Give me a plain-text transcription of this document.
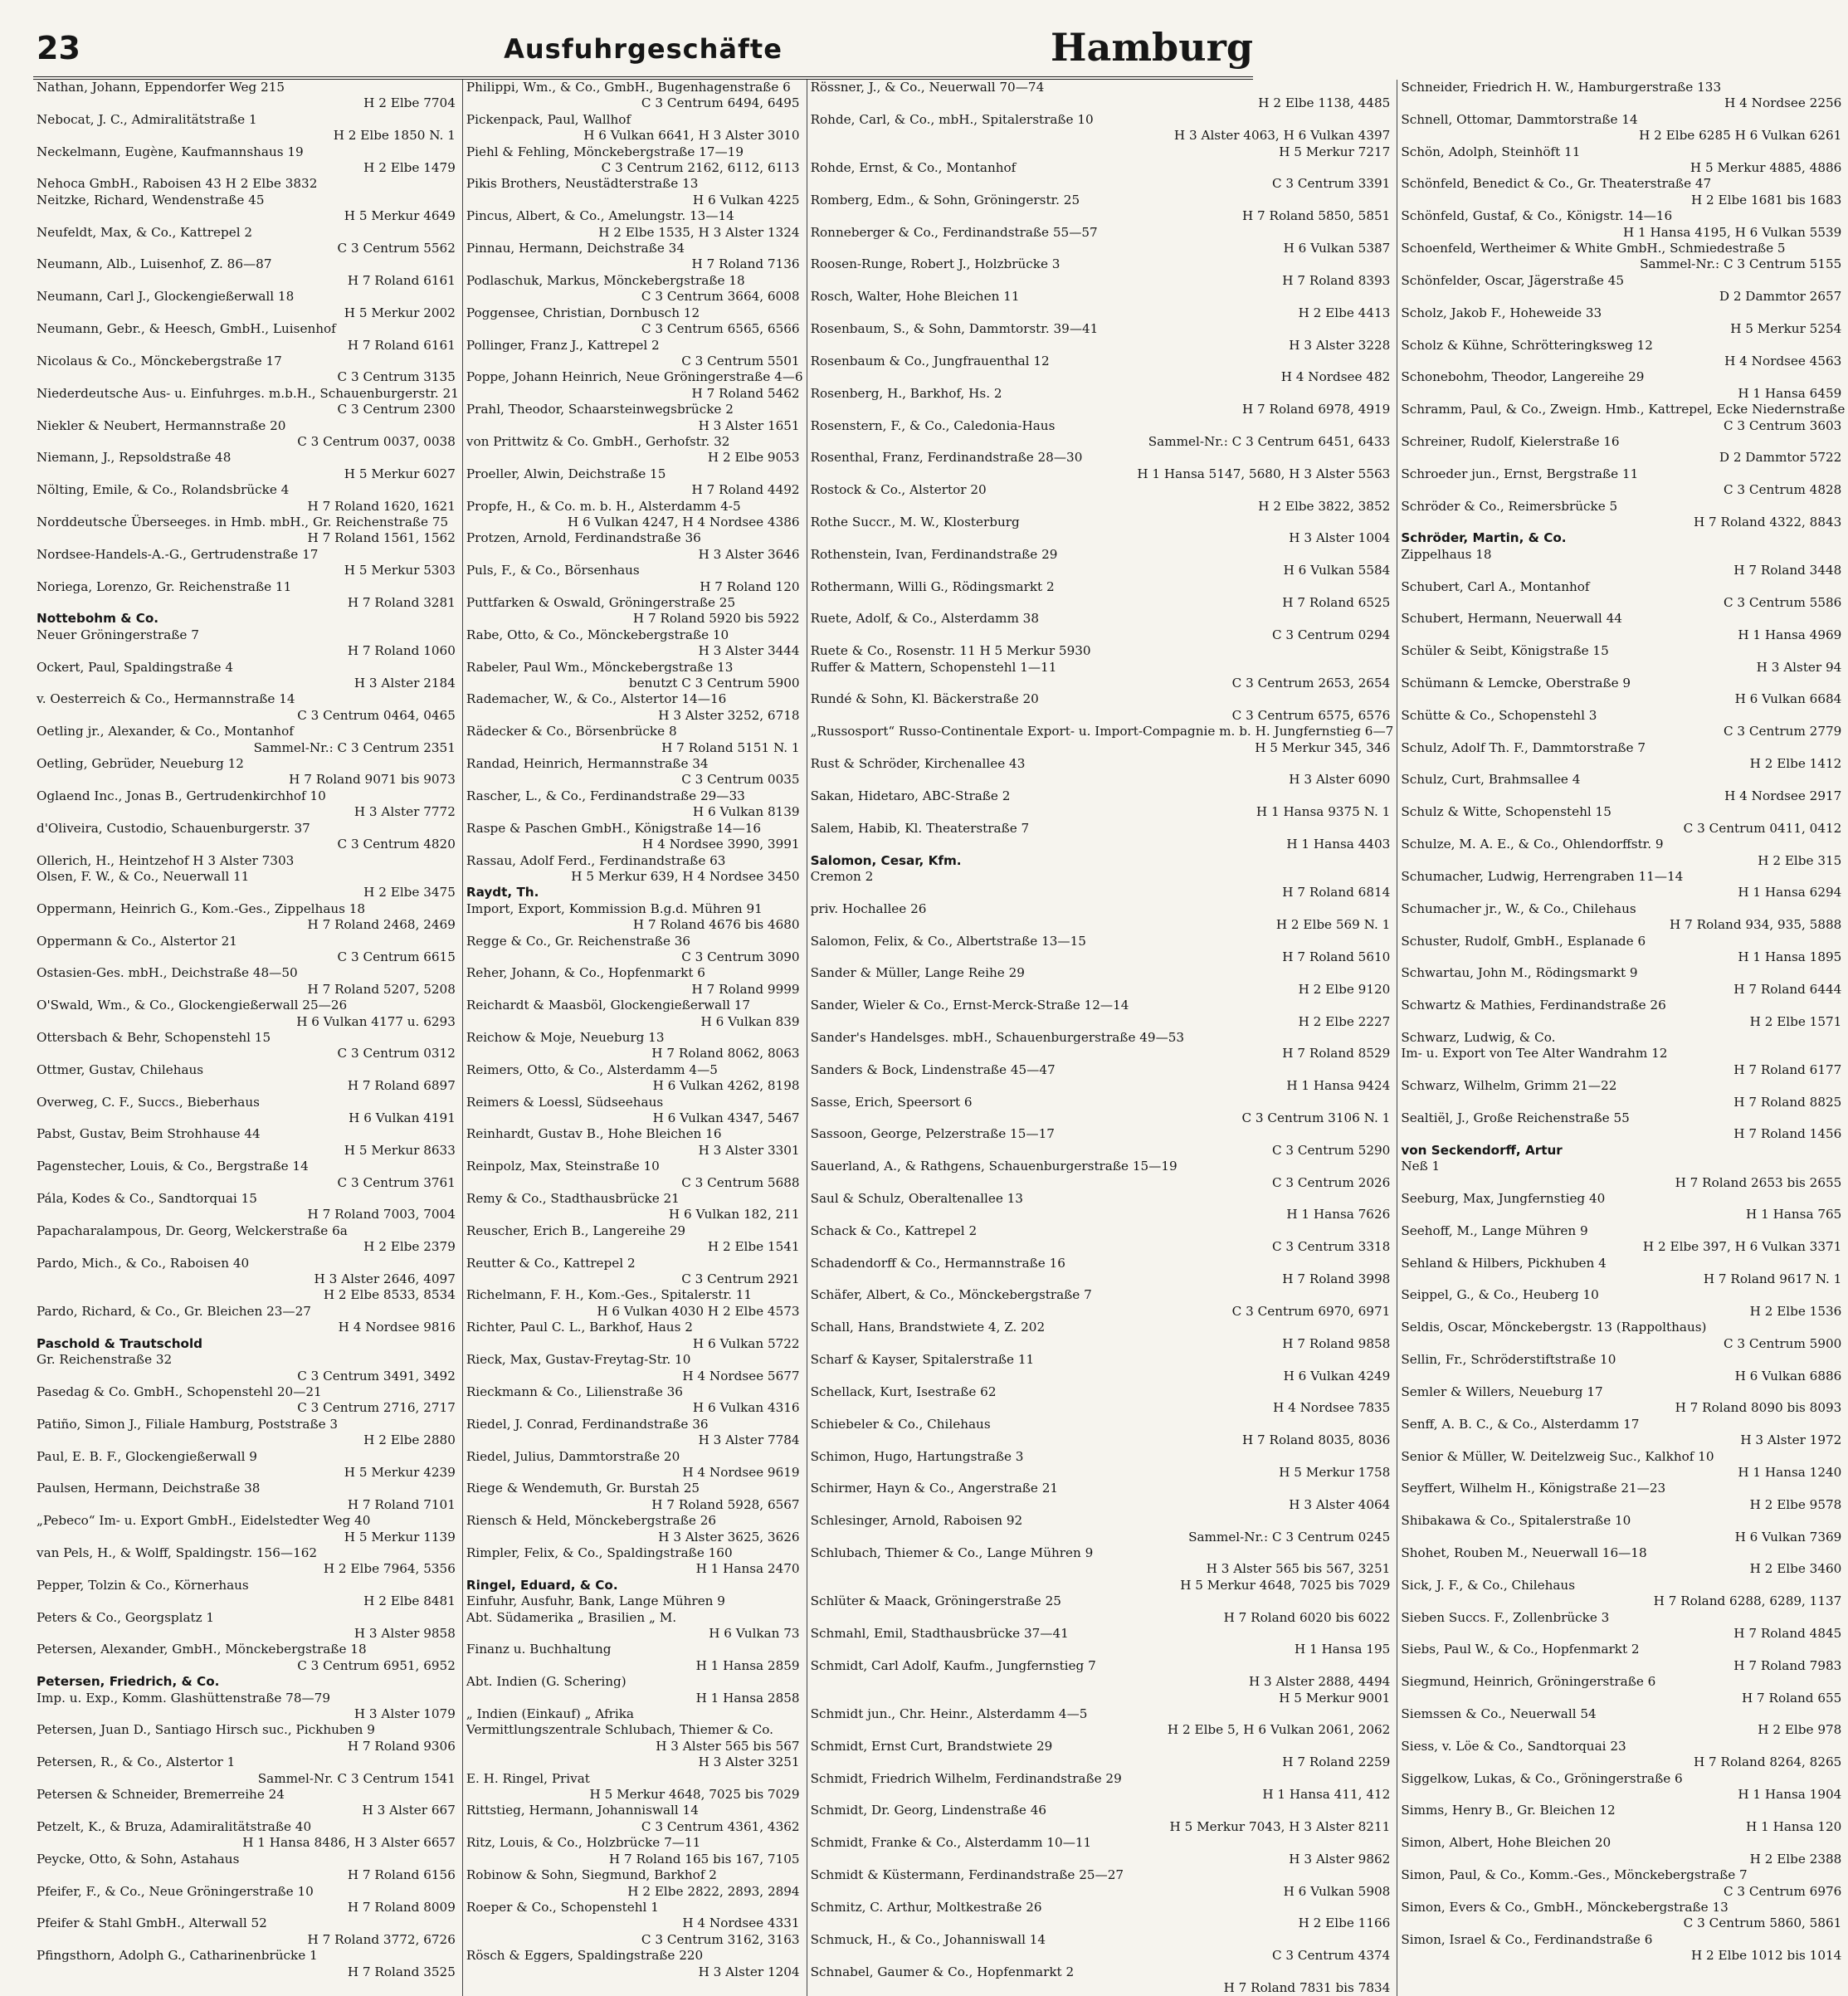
23	Ausfuhrgeschäfte	Hamburg
Nathan, Johann, Eppendorfer Weg 215
H 2 Elbe 7704
Nebocat, J. C., Admiralitätstraße 1
H 2 Elbe 1850 N. 1
Neckelmann, Eugène, Kaufmannshaus 19
H 2 Elbe 1479
Nehoca GmbH., Raboisen 43 H 2 Elbe 3832
Neitzke, Richard, Wendenstraße 45
H 5 Merkur 4649
Neufeldt, Max, & Co., Kattrepel 2
C 3 Centrum 5562
Neumann, Alb., Luisenhof, Z. 86—87
H 7 Roland 6161
Neumann, Carl J., Glockengießerwall 18
H 5 Merkur 2002
Neumann, Gebr., & Heesch, GmbH., Luisenhof
H 7 Roland 6161
Nicolaus & Co., Mönckebergstraße 17
C 3 Centrum 3135
Niederdeutsche Aus- u. Einfuhrges. m.b.H., Schauenburgerstr. 21
C 3 Centrum 2300
Niekler & Neubert, Hermannstraße 20
C 3 Centrum 0037, 0038
Niemann, J., Repsoldstraße 48
H 5 Merkur 6027
Nölting, Emile, & Co., Rolandsbrücke 4
H 7 Roland 1620, 1621
Norddeutsche Überseeges. in Hmb. mbH., Gr. Reichenstraße 75
H 7 Roland 1561, 1562
Nordsee-Handels-A.-G., Gertrudenstraße 17
H 5 Merkur 5303
Noriega, Lorenzo, Gr. Reichenstraße 11
H 7 Roland 3281
Nottebohm & Co.
Neuer Gröningerstraße 7
H 7 Roland 1060
Ockert, Paul, Spaldingstraße 4
H 3 Alster 2184
v. Oesterreich & Co., Hermannstraße 14
C 3 Centrum 0464, 0465
Oetling jr., Alexander, & Co., Montanhof
Sammel-Nr.: C 3 Centrum 2351
Oetling, Gebrüder, Neueburg 12
H 7 Roland 9071 bis 9073
Oglaend Inc., Jonas B., Gertrudenkirchhof 10
H 3 Alster 7772
d'Oliveira, Custodio, Schauenburgerstr. 37
C 3 Centrum 4820
Ollerich, H., Heintzehof H 3 Alster 7303
Olsen, F. W., & Co., Neuerwall 11
H 2 Elbe 3475
Oppermann, Heinrich G., Kom.-Ges., Zippelhaus 18
H 7 Roland 2468, 2469
Oppermann & Co., Alstertor 21
C 3 Centrum 6615
Ostasien-Ges. mbH., Deichstraße 48—50
H 7 Roland 5207, 5208
O'Swald, Wm., & Co., Glockengießerwall 25—26
H 6 Vulkan 4177 u. 6293
Ottersbach & Behr, Schopenstehl 15
C 3 Centrum 0312
Ottmer, Gustav, Chilehaus
H 7 Roland 6897
Overweg, C. F., Succs., Bieberhaus
H 6 Vulkan 4191
Pabst, Gustav, Beim Strohhause 44
H 5 Merkur 8633
Pagenstecher, Louis, & Co., Bergstraße 14
C 3 Centrum 3761
Pála, Kodes & Co., Sandtorquai 15
H 7 Roland 7003, 7004
Papacharalampous, Dr. Georg, Welckerstraße 6a
H 2 Elbe 2379
Pardo, Mich., & Co., Raboisen 40
H 3 Alster 2646, 4097
H 2 Elbe 8533, 8534
Pardo, Richard, & Co., Gr. Bleichen 23—27
H 4 Nordsee 9816
Paschold & Trautschold
Gr. Reichenstraße 32
C 3 Centrum 3491, 3492
Pasedag & Co. GmbH., Schopenstehl 20—21
C 3 Centrum 2716, 2717
Patiño, Simon J., Filiale Hamburg, Poststraße 3
H 2 Elbe 2880
Paul, E. B. F., Glockengießerwall 9
H 5 Merkur 4239
Paulsen, Hermann, Deichstraße 38
H 7 Roland 7101
„Pebeco“ Im- u. Export GmbH., Eidelstedter Weg 40
H 5 Merkur 1139
van Pels, H., & Wolff, Spaldingstr. 156—162
H 2 Elbe 7964, 5356
Pepper, Tolzin & Co., Körnerhaus
H 2 Elbe 8481
Peters & Co., Georgsplatz 1
H 3 Alster 9858
Petersen, Alexander, GmbH., Mönckebergstraße 18
C 3 Centrum 6951, 6952
Petersen, Friedrich, & Co.
Imp. u. Exp., Komm. Glashüttenstraße 78—79
H 3 Alster 1079
Petersen, Juan D., Santiago Hirsch suc., Pickhuben 9
H 7 Roland 9306
Petersen, R., & Co., Alstertor 1
Sammel-Nr. C 3 Centrum 1541
Petersen & Schneider, Bremerreihe 24
H 3 Alster 667
Petzelt, K., & Bruza, Adamiralitätstraße 40
H 1 Hansa 8486, H 3 Alster 6657
Peycke, Otto, & Sohn, Astahaus
H 7 Roland 6156
Pfeifer, F., & Co., Neue Gröningerstraße 10
H 7 Roland 8009
Pfeifer & Stahl GmbH., Alterwall 52
H 7 Roland 3772, 6726
Pfingsthorn, Adolph G., Catharinenbrücke 1
H 7 Roland 3525
Philippi, Wm., & Co., GmbH., Bugenhagenstraße 6
C 3 Centrum 6494, 6495
Pickenpack, Paul, Wallhof
H 6 Vulkan 6641, H 3 Alster 3010
Piehl & Fehling, Mönckebergstraße 17—19
C 3 Centrum 2162, 6112, 6113
Pikis Brothers, Neustädterstraße 13
H 6 Vulkan 4225
Pincus, Albert, & Co., Amelungstr. 13—14
H 2 Elbe 1535, H 3 Alster 1324
Pinnau, Hermann, Deichstraße 34
H 7 Roland 7136
Podlaschuk, Markus, Mönckebergstraße 18
C 3 Centrum 3664, 6008
Poggensee, Christian, Dornbusch 12
C 3 Centrum 6565, 6566
Pollinger, Franz J., Kattrepel 2
C 3 Centrum 5501
Poppe, Johann Heinrich, Neue Gröningerstraße 4—6
H 7 Roland 5462
Prahl, Theodor, Schaarsteinwegsbrücke 2
H 3 Alster 1651
von Prittwitz & Co. GmbH., Gerhofstr. 32
H 2 Elbe 9053
Proeller, Alwin, Deichstraße 15
H 7 Roland 4492
Propfe, H., & Co. m. b. H., Alsterdamm 4-5
H 6 Vulkan 4247, H 4 Nordsee 4386
Protzen, Arnold, Ferdinandstraße 36
H 3 Alster 3646
Puls, F., & Co., Börsenhaus
H 7 Roland 120
Puttfarken & Oswald, Gröningerstraße 25
H 7 Roland 5920 bis 5922
Rabe, Otto, & Co., Mönckebergstraße 10
H 3 Alster 3444
Rabeler, Paul Wm., Mönckebergstraße 13
benutzt C 3 Centrum 5900
Rademacher, W., & Co., Alstertor 14—16
H 3 Alster 3252, 6718
Rädecker & Co., Börsenbrücke 8
H 7 Roland 5151 N. 1
Randad, Heinrich, Hermannstraße 34
C 3 Centrum 0035
Rascher, L., & Co., Ferdinandstraße 29—33
H 6 Vulkan 8139
Raspe & Paschen GmbH., Königstraße 14—16
H 4 Nordsee 3990, 3991
Rassau, Adolf Ferd., Ferdinandstraße 63
H 5 Merkur 639, H 4 Nordsee 3450
Raydt, Th.
Import, Export, Kommission B.g.d. Mühren 91
H 7 Roland 4676 bis 4680
Regge & Co., Gr. Reichenstraße 36
C 3 Centrum 3090
Reher, Johann, & Co., Hopfenmarkt 6
H 7 Roland 9999
Reichardt & Maasböl, Glockengießerwall 17
H 6 Vulkan 839
Reichow & Moje, Neueburg 13
H 7 Roland 8062, 8063
Reimers, Otto, & Co., Alsterdamm 4—5
H 6 Vulkan 4262, 8198
Reimers & Loessl, Südseehaus
H 6 Vulkan 4347, 5467
Reinhardt, Gustav B., Hohe Bleichen 16
H 3 Alster 3301
Reinpolz, Max, Steinstraße 10
C 3 Centrum 5688
Remy & Co., Stadthausbrücke 21
H 6 Vulkan 182, 211
Reuscher, Erich B., Langereihe 29
H 2 Elbe 1541
Reutter & Co., Kattrepel 2
C 3 Centrum 2921
Richelmann, F. H., Kom.-Ges., Spitalerstr. 11
H 6 Vulkan 4030 H 2 Elbe 4573
Richter, Paul C. L., Barkhof, Haus 2
H 6 Vulkan 5722
Rieck, Max, Gustav-Freytag-Str. 10
H 4 Nordsee 5677
Rieckmann & Co., Lilienstraße 36
H 6 Vulkan 4316
Riedel, J. Conrad, Ferdinandstraße 36
H 3 Alster 7784
Riedel, Julius, Dammtorstraße 20
H 4 Nordsee 9619
Riege & Wendemuth, Gr. Burstah 25
H 7 Roland 5928, 6567
Riensch & Held, Mönckebergstraße 26
H 3 Alster 3625, 3626
Rimpler, Felix, & Co., Spaldingstraße 160
H 1 Hansa 2470
Ringel, Eduard, & Co.
Einfuhr, Ausfuhr, Bank, Lange Mühren 9
Abt. Südamerika „ Brasilien „ M.
H 6 Vulkan 73
Finanz u. Buchhaltung
H 1 Hansa 2859
Abt. Indien (G. Schering)
H 1 Hansa 2858
„ Indien (Einkauf) „ Afrika
Vermittlungszentrale Schlubach, Thiemer & Co.
H 3 Alster 565 bis 567
H 3 Alster 3251
E. H. Ringel, Privat
H 5 Merkur 4648, 7025 bis 7029
Rittstieg, Hermann, Johanniswall 14
C 3 Centrum 4361, 4362
Ritz, Louis, & Co., Holzbrücke 7—11
H 7 Roland 165 bis 167, 7105
Robinow & Sohn, Siegmund, Barkhof 2
H 2 Elbe 2822, 2893, 2894
Roeper & Co., Schopenstehl 1
H 4 Nordsee 4331
C 3 Centrum 3162, 3163
Rösch & Eggers, Spaldingstraße 220
H 3 Alster 1204
Rössner, J., & Co., Neuerwall 70—74
H 2 Elbe 1138, 4485
Rohde, Carl, & Co., mbH., Spitalerstraße 10
H 3 Alster 4063, H 6 Vulkan 4397
H 5 Merkur 7217
Rohde, Ernst, & Co., Montanhof
C 3 Centrum 3391
Romberg, Edm., & Sohn, Gröningerstr. 25
H 7 Roland 5850, 5851
Ronneberger & Co., Ferdinandstraße 55—57
H 6 Vulkan 5387
Roosen-Runge, Robert J., Holzbrücke 3
H 7 Roland 8393
Rosch, Walter, Hohe Bleichen 11
H 2 Elbe 4413
Rosenbaum, S., & Sohn, Dammtorstr. 39—41
H 3 Alster 3228
Rosenbaum & Co., Jungfrauenthal 12
H 4 Nordsee 482
Rosenberg, H., Barkhof, Hs. 2
H 7 Roland 6978, 4919
Rosenstern, F., & Co., Caledonia-Haus
Sammel-Nr.: C 3 Centrum 6451, 6433
Rosenthal, Franz, Ferdinandstraße 28—30
H 1 Hansa 5147, 5680, H 3 Alster 5563
Rostock & Co., Alstertor 20
H 2 Elbe 3822, 3852
Rothe Succr., M. W., Klosterburg
H 3 Alster 1004
Rothenstein, Ivan, Ferdinandstraße 29
H 6 Vulkan 5584
Rothermann, Willi G., Rödingsmarkt 2
H 7 Roland 6525
Ruete, Adolf, & Co., Alsterdamm 38
C 3 Centrum 0294
Ruete & Co., Rosenstr. 11 H 5 Merkur 5930
Ruffer & Mattern, Schopenstehl 1—11
C 3 Centrum 2653, 2654
Rundé & Sohn, Kl. Bäckerstraße 20
C 3 Centrum 6575, 6576
„Russosport“ Russo-Continentale Export- u. Import-Compagnie m. b. H. Jungfernstieg 6—7
H 5 Merkur 345, 346
Rust & Schröder, Kirchenallee 43
H 3 Alster 6090
Sakan, Hidetaro, ABC-Straße 2
H 1 Hansa 9375 N. 1
Salem, Habib, Kl. Theaterstraße 7
H 1 Hansa 4403
Salomon, Cesar, Kfm.
Cremon 2
H 7 Roland 6814
priv. Hochallee 26
H 2 Elbe 569 N. 1
Salomon, Felix, & Co., Albertstraße 13—15
H 7 Roland 5610
Sander & Müller, Lange Reihe 29
H 2 Elbe 9120
Sander, Wieler & Co., Ernst-Merck-Straße 12—14
H 2 Elbe 2227
Sander's Handelsges. mbH., Schauenburgerstraße 49—53
H 7 Roland 8529
Sanders & Bock, Lindenstraße 45—47
H 1 Hansa 9424
Sasse, Erich, Speersort 6
C 3 Centrum 3106 N. 1
Sassoon, George, Pelzerstraße 15—17
C 3 Centrum 5290
Sauerland, A., & Rathgens, Schauenburgerstraße 15—19
C 3 Centrum 2026
Saul & Schulz, Oberaltenallee 13
H 1 Hansa 7626
Schack & Co., Kattrepel 2
C 3 Centrum 3318
Schadendorff & Co., Hermannstraße 16
H 7 Roland 3998
Schäfer, Albert, & Co., Mönckebergstraße 7
C 3 Centrum 6970, 6971
Schall, Hans, Brandstwiete 4, Z. 202
H 7 Roland 9858
Scharf & Kayser, Spitalerstraße 11
H 6 Vulkan 4249
Schellack, Kurt, Isestraße 62
H 4 Nordsee 7835
Schiebeler & Co., Chilehaus
H 7 Roland 8035, 8036
Schimon, Hugo, Hartungstraße 3
H 5 Merkur 1758
Schirmer, Hayn & Co., Angerstraße 21
H 3 Alster 4064
Schlesinger, Arnold, Raboisen 92
Sammel-Nr.: C 3 Centrum 0245
Schlubach, Thiemer & Co., Lange Mühren 9
H 3 Alster 565 bis 567, 3251
H 5 Merkur 4648, 7025 bis 7029
Schlüter & Maack, Gröningerstraße 25
H 7 Roland 6020 bis 6022
Schmahl, Emil, Stadthausbrücke 37—41
H 1 Hansa 195
Schmidt, Carl Adolf, Kaufm., Jungfernstieg 7
H 3 Alster 2888, 4494
H 5 Merkur 9001
Schmidt jun., Chr. Heinr., Alsterdamm 4—5
H 2 Elbe 5, H 6 Vulkan 2061, 2062
Schmidt, Ernst Curt, Brandstwiete 29
H 7 Roland 2259
Schmidt, Friedrich Wilhelm, Ferdinandstraße 29
H 1 Hansa 411, 412
Schmidt, Dr. Georg, Lindenstraße 46
H 5 Merkur 7043, H 3 Alster 8211
Schmidt, Franke & Co., Alsterdamm 10—11
H 3 Alster 9862
Schmidt & Küstermann, Ferdinandstraße 25—27
H 6 Vulkan 5908
Schmitz, C. Arthur, Moltkestraße 26
H 2 Elbe 1166
Schmuck, H., & Co., Johanniswall 14
C 3 Centrum 4374
Schnabel, Gaumer & Co., Hopfenmarkt 2
H 7 Roland 7831 bis 7834
Schneider, Friedrich H. W., Hamburgerstraße 133
H 4 Nordsee 2256
Schnell, Ottomar, Dammtorstraße 14
H 2 Elbe 6285 H 6 Vulkan 6261
Schön, Adolph, Steinhöft 11
H 5 Merkur 4885, 4886
Schönfeld, Benedict & Co., Gr. Theaterstraße 47
H 2 Elbe 1681 bis 1683
Schönfeld, Gustaf, & Co., Königstr. 14—16
H 1 Hansa 4195, H 6 Vulkan 5539
Schoenfeld, Wertheimer & White GmbH., Schmiedestraße 5
Sammel-Nr.: C 3 Centrum 5155
Schönfelder, Oscar, Jägerstraße 45
D 2 Dammtor 2657
Scholz, Jakob F., Hoheweide 33
H 5 Merkur 5254
Scholz & Kühne, Schrötteringksweg 12
H 4 Nordsee 4563
Schonebohm, Theodor, Langereihe 29
H 1 Hansa 6459
Schramm, Paul, & Co., Zweign. Hmb., Kattrepel, Ecke Niedernstraße
C 3 Centrum 3603
Schreiner, Rudolf, Kielerstraße 16
D 2 Dammtor 5722
Schroeder jun., Ernst, Bergstraße 11
C 3 Centrum 4828
Schröder & Co., Reimersbrücke 5
H 7 Roland 4322, 8843
Schröder, Martin, & Co.
Zippelhaus 18
H 7 Roland 3448
Schubert, Carl A., Montanhof
C 3 Centrum 5586
Schubert, Hermann, Neuerwall 44
H 1 Hansa 4969
Schüler & Seibt, Königstraße 15
H 3 Alster 94
Schümann & Lemcke, Oberstraße 9
H 6 Vulkan 6684
Schütte & Co., Schopenstehl 3
C 3 Centrum 2779
Schulz, Adolf Th. F., Dammtorstraße 7
H 2 Elbe 1412
Schulz, Curt, Brahmsallee 4
H 4 Nordsee 2917
Schulz & Witte, Schopenstehl 15
C 3 Centrum 0411, 0412
Schulze, M. A. E., & Co., Ohlendorffstr. 9
H 2 Elbe 315
Schumacher, Ludwig, Herrengraben 11—14
H 1 Hansa 6294
Schumacher jr., W., & Co., Chilehaus
H 7 Roland 934, 935, 5888
Schuster, Rudolf, GmbH., Esplanade 6
H 1 Hansa 1895
Schwartau, John M., Rödingsmarkt 9
H 7 Roland 6444
Schwartz & Mathies, Ferdinandstraße 26
H 2 Elbe 1571
Schwarz, Ludwig, & Co.
Im- u. Export von Tee Alter Wandrahm 12
H 7 Roland 6177
Schwarz, Wilhelm, Grimm 21—22
H 7 Roland 8825
Sealtiël, J., Große Reichenstraße 55
H 7 Roland 1456
von Seckendorff, Artur
Neß 1
H 7 Roland 2653 bis 2655
Seeburg, Max, Jungfernstieg 40
H 1 Hansa 765
Seehoff, M., Lange Mühren 9
H 2 Elbe 397, H 6 Vulkan 3371
Sehland & Hilbers, Pickhuben 4
H 7 Roland 9617 N. 1
Seippel, G., & Co., Heuberg 10
H 2 Elbe 1536
Seldis, Oscar, Mönckebergstr. 13 (Rappolthaus)
C 3 Centrum 5900
Sellin, Fr., Schröderstiftstraße 10
H 6 Vulkan 6886
Semler & Willers, Neueburg 17
H 7 Roland 8090 bis 8093
Senff, A. B. C., & Co., Alsterdamm 17
H 3 Alster 1972
Senior & Müller, W. Deitelzweig Suc., Kalkhof 10
H 1 Hansa 1240
Seyffert, Wilhelm H., Königstraße 21—23
H 2 Elbe 9578
Shibakawa & Co., Spitalerstraße 10
H 6 Vulkan 7369
Shohet, Rouben M., Neuerwall 16—18
H 2 Elbe 3460
Sick, J. F., & Co., Chilehaus
H 7 Roland 6288, 6289, 1137
Sieben Succs. F., Zollenbrücke 3
H 7 Roland 4845
Siebs, Paul W., & Co., Hopfenmarkt 2
H 7 Roland 7983
Siegmund, Heinrich, Gröningerstraße 6
H 7 Roland 655
Siemssen & Co., Neuerwall 54
H 2 Elbe 978
Siess, v. Löe & Co., Sandtorquai 23
H 7 Roland 8264, 8265
Siggelkow, Lukas, & Co., Gröningerstraße 6
H 1 Hansa 1904
Simms, Henry B., Gr. Bleichen 12
H 1 Hansa 120
Simon, Albert, Hohe Bleichen 20
H 2 Elbe 2388
Simon, Paul, & Co., Komm.-Ges., Mönckebergstraße 7
C 3 Centrum 6976
Simon, Evers & Co., GmbH., Mönckebergstraße 13
C 3 Centrum 5860, 5861
Simon, Israel & Co., Ferdinandstraße 6
H 2 Elbe 1012 bis 1014
